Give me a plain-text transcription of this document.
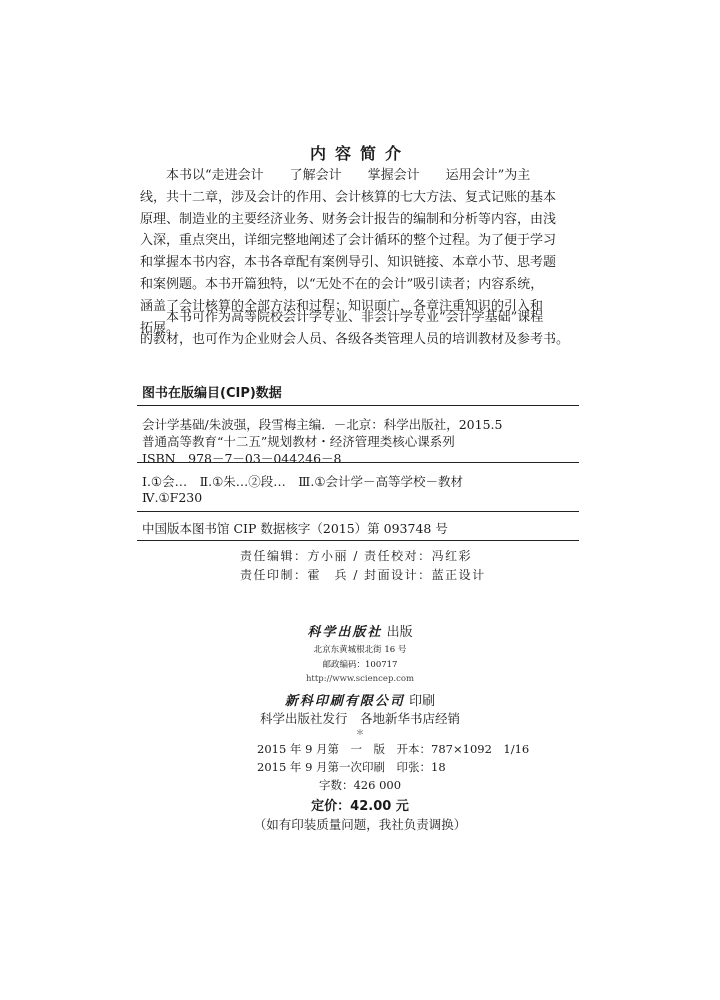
内容简介
本书以“走进会计　　了解会计　　掌握会计　　运用会计”为主
线，共十二章，涉及会计的作用、会计核算的七大方法、复式记账的基本
原理、制造业的主要经济业务、财务会计报告的编制和分析等内容，由浅
入深，重点突出，详细完整地阐述了会计循环的整个过程。为了便于学习
和掌握本书内容，本书各章配有案例导引、知识链接、本章小节、思考题
和案例题。本书开篇独特，以“无处不在的会计”吸引读者；内容系统，
涵盖了会计核算的全部方法和过程；知识面广，各章注重知识的引入和
拓展。
本书可作为高等院校会计学专业、非会计学专业“会计学基础”课程
的教材，也可作为企业财会人员、各级各类管理人员的培训教材及参考书。
图书在版编目(CIP)数据
会计学基础/朱波强，段雪梅主编．－北京：科学出版社，2015.5
普通高等教育“十二五”规划教材・经济管理类核心课系列
ISBN　978－7－03－044246－8
Ⅰ.①会…　Ⅱ.①朱…②段…　Ⅲ.①会计学－高等学校－教材
Ⅳ.①F230
中国版本图书馆 CIP 数据核字（2015）第 093748 号
责任编辑：方小丽 / 责任校对：冯红彩
责任印制：霍　兵 / 封面设计：蓝正设计
科学出版社 出版
北京东黄城根北街 16 号
邮政编码：100717
http://www.sciencep.com
新科印刷有限公司 印刷
科学出版社发行　各地新华书店经销
＊
2015 年 9 月第　一　版　开本：787×1092　1/16
2015 年 9 月第一次印刷　印张：18
字数：426 000
定价：42.00 元
（如有印装质量问题，我社负责调换）
